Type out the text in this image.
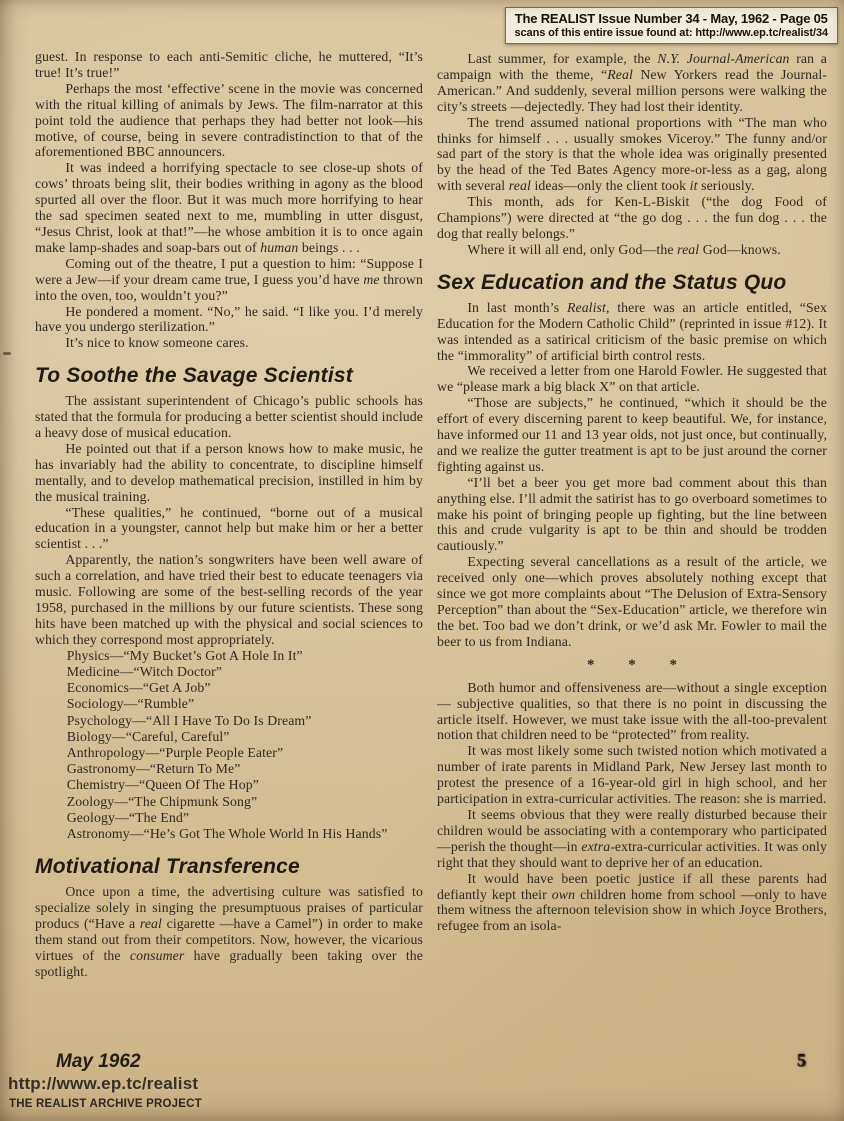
The REALIST Issue Number 34 - May, 1962 - Page 05
scans of this entire issue found at: http://www.ep.tc/realist/34

guest. In response to each anti-Semitic cliche, he muttered, “It’s true! It’s true!”

Perhaps the most ‘effective’ scene in the movie was concerned with the ritual killing of animals by Jews. The film-narrator at this point told the audience that perhaps they had better not look—his motive, of course, being in severe contradistinction to that of the aforementioned BBC announcers.

It was indeed a horrifying spectacle to see close-up shots of cows’ throats being slit, their bodies writhing in agony as the blood spurted all over the floor. But it was much more horrifying to hear the sad specimen seated next to me, mumbling in utter disgust, “Jesus Christ, look at that!”—he whose ambition it is to once again make lamp-shades and soap-bars out of human beings . . .

Coming out of the theatre, I put a question to him: “Suppose I were a Jew—if your dream came true, I guess you’d have me thrown into the oven, too, wouldn’t you?”

He pondered a moment. “No,” he said. “I like you. I’d merely have you undergo sterilization.”

It’s nice to know someone cares.

To Soothe the Savage Scientist

The assistant superintendent of Chicago’s public schools has stated that the formula for producing a better scientist should include a heavy dose of musical education.

He pointed out that if a person knows how to make music, he has invariably had the ability to concentrate, to discipline himself mentally, and to develop mathematical precision, instilled in him by the musical training.

“These qualities,” he continued, “borne out of a musical education in a youngster, cannot help but make him or her a better scientist . . .”

Apparently, the nation’s songwriters have been well aware of such a correlation, and have tried their best to educate teenagers via music. Following are some of the best-selling records of the year 1958, purchased in the millions by our future scientists. These song hits have been matched up with the physical and social sciences to which they correspond most appropriately.

Physics—“My Bucket’s Got A Hole In It”

Medicine—“Witch Doctor”

Economics—“Get A Job”

Sociology—“Rumble”

Psychology—“All I Have To Do Is Dream”

Biology—“Careful, Careful”

Anthropology—“Purple People Eater”

Gastronomy—“Return To Me”

Chemistry—“Queen Of The Hop”

Zoology—“The Chipmunk Song”

Geology—“The End”

Astronomy—“He’s Got The Whole World In His Hands”

Motivational Transference

Once upon a time, the advertising culture was satisfied to specialize solely in singing the presumptuous praises of particular producs (“Have a real cigarette —have a Camel”) in order to make them stand out from their competitors. Now, however, the vicarious virtues of the consumer have gradually been taking over the spotlight.

Last summer, for example, the N.Y. Journal-American ran a campaign with the theme, “Real New Yorkers read the Journal-American.” And suddenly, several million persons were walking the city’s streets —dejectedly. They had lost their identity.

The trend assumed national proportions with “The man who thinks for himself . . . usually smokes Viceroy.” The funny and/or sad part of the story is that the whole idea was originally presented by the head of the Ted Bates Agency more-or-less as a gag, along with several real ideas—only the client took it seriously.

This month, ads for Ken-L-Biskit (“the dog Food of Champions”) were directed at “the go dog . . . the fun dog . . . the dog that really belongs.”

Where it will all end, only God—the real God—knows.

Sex Education and the Status Quo

In last month’s Realist, there was an article entitled, “Sex Education for the Modern Catholic Child” (reprinted in issue #12). It was intended as a satirical criticism of the basic premise on which the “immorality” of artificial birth control rests.

We received a letter from one Harold Fowler. He suggested that we “please mark a big black X” on that article.

“Those are subjects,” he continued, “which it should be the effort of every discerning parent to keep beautiful. We, for instance, have informed our 11 and 13 year olds, not just once, but continually, and we realize the gutter treatment is apt to be just around the corner fighting against us.

“I’ll bet a beer you get more bad comment about this than anything else. I’ll admit the satirist has to go overboard sometimes to make his point of bringing people up fighting, but the line between this and crude vulgarity is apt to be thin and should be trodden cautiously.”

Expecting several cancellations as a result of the article, we received only one—which proves absolutely nothing except that since we got more complaints about “The Delusion of Extra-Sensory Perception” than about the “Sex-Education” article, we therefore win the bet. Too bad we don’t drink, or we’d ask Mr. Fowler to mail the beer to us from Indiana.

* * *

Both humor and offensiveness are—without a single exception — subjective qualities, so that there is no point in discussing the article itself. However, we must take issue with the all-too-prevalent notion that children need to be “protected” from reality.

It was most likely some such twisted notion which motivated a number of irate parents in Midland Park, New Jersey last month to protest the presence of a 16-year-old girl in high school, and her participation in extra-curricular activities. The reason: she is married.

It seems obvious that they were really disturbed because their children would be associating with a contemporary who participated—perish the thought—in extra-extra-curricular activities. It was only right that they should want to deprive her of an education.

It would have been poetic justice if all these parents had defiantly kept their own children home from school —only to have them witness the afternoon television show in which Joyce Brothers, refugee from an isola-

May 1962
http://www.ep.tc/realist
THE REALIST ARCHIVE PROJECT
5
